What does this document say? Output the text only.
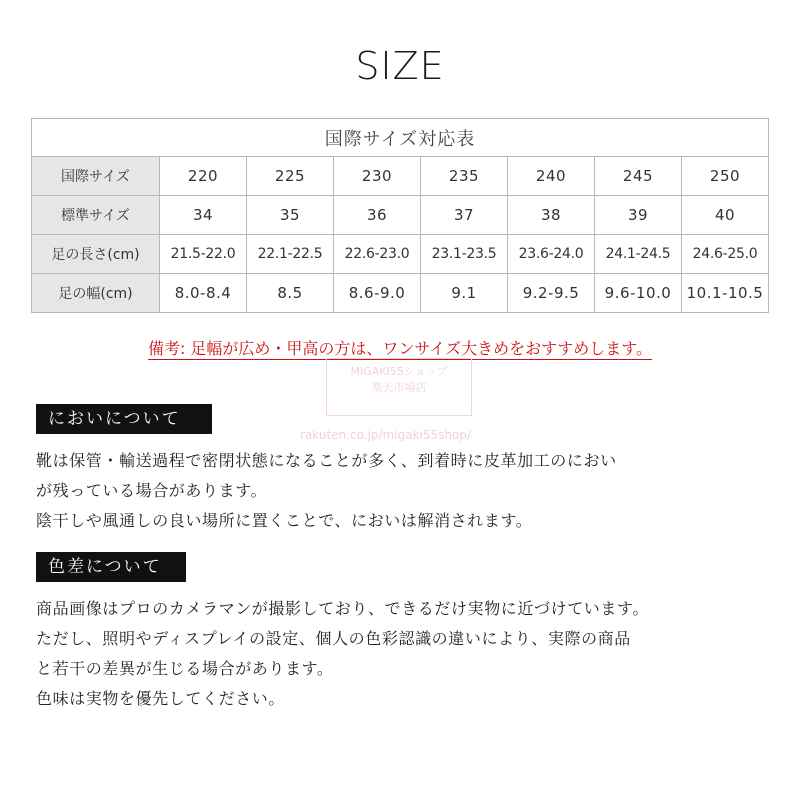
SIZE
国際サイズ対応表							
国際サイズ	220	225	230	235	240	245	250
標準サイズ	34	35	36	37	38	39	40
足の長さ(cm)	21.5-22.0	22.1-22.5	22.6-23.0	23.1-23.5	23.6-24.0	24.1-24.5	24.6-25.0
足の幅(cm)	8.0-8.4	8.5	8.6-9.0	9.1	9.2-9.5	9.6-10.0	10.1-10.5
備考: 足幅が広め・甲高の方は、ワンサイズ大きめをおすすめします。
MIGAKI55ショップ
楽天市場店
rakuten.co.jp/migaki55shop/
においについて

靴は保管・輸送過程で密閉状態になることが多く、到着時に皮革加工のにおい

が残っている場合があります。

陰干しや風通しの良い場所に置くことで、においは解消されます。

色差について

商品画像はプロのカメラマンが撮影しており、できるだけ実物に近づけています。

ただし、照明やディスプレイの設定、個人の色彩認識の違いにより、実際の商品

と若干の差異が生じる場合があります。

色味は実物を優先してください。
